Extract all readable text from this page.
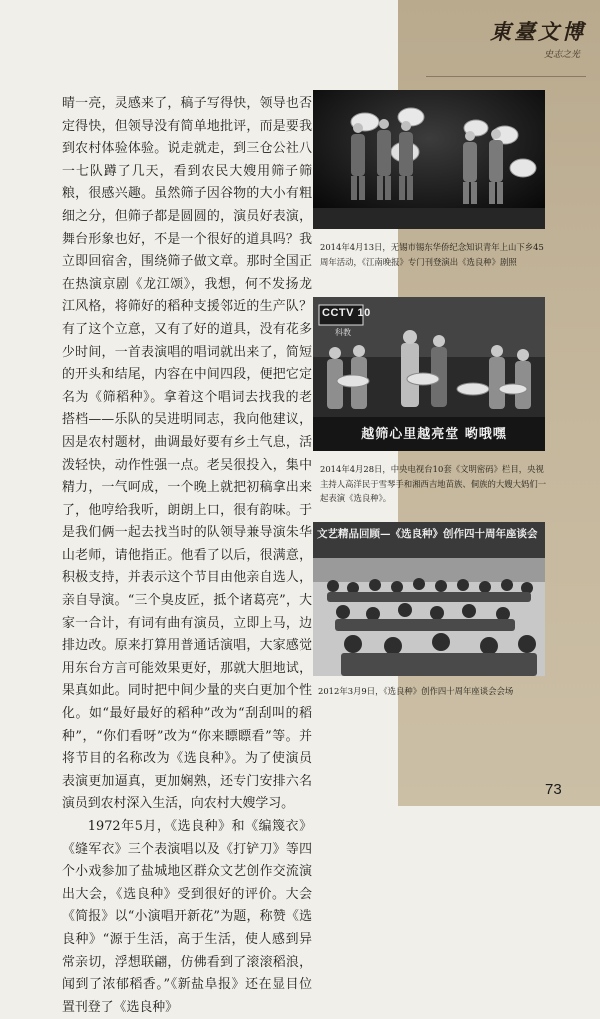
東臺文博
史志之光

晴一亮，灵感来了，稿子写得快，领导也否定得快，但领导没有简单地批评，而是要我到农村体验体验。说走就走，到三仓公社八一七队蹲了几天，看到农民大嫂用筛子筛粮，很感兴趣。虽然筛子因谷物的大小有粗细之分，但筛子都是圆圆的，演员好表演，舞台形象也好，不是一个很好的道具吗？我立即回宿舍，围绕筛子做文章。那时全国正在热演京剧《龙江颂》，我想，何不发扬龙江风格，将筛好的稻种支援邻近的生产队？有了这个立意，又有了好的道具，没有花多少时间，一首表演唱的唱词就出来了，简短的开头和结尾，内容在中间四段，便把它定名为《筛稻种》。拿着这个唱词去找我的老搭档——乐队的吴进明同志，我向他建议，因是农村题材，曲调最好要有乡土气息，活泼轻快，动作性强一点。老吴很投入，集中精力，一气呵成，一个晚上就把初稿拿出来了，他哼给我听，朗朗上口，很有韵味。于是我们俩一起去找当时的队领导兼导演朱华山老师，请他指正。他看了以后，很满意，积极支持，并表示这个节目由他亲自选人，亲自导演。“三个臭皮匠，抵个诸葛亮”，大家一合计，有词有曲有演员，立即上马，边排边改。原来打算用普通话演唱，大家感觉用东台方言可能效果更好，那就大胆地试，果真如此。同时把中间少量的夹白更加个性化。如“最好最好的稻种”改为“刮刮叫的稻种”，“你们看呀”改为“你来瞟瞟看”等。并将节目的名称改为《选良种》。为了使演员表演更加逼真，更加娴熟，还专门安排六名演员到农村深入生活，向农村大嫂学习。

1972年5月，《选良种》和《编篾衣》《缝军衣》三个表演唱以及《打铲刀》等四个小戏参加了盐城地区群众文艺创作交流演出大会，《选良种》受到很好的评价。大会《简报》以“小演唱开新花”为题，称赞《选良种》“源于生活，高于生活，使人感到异常亲切，浮想联翩，仿佛看到了滚滚稻浪，闻到了浓郁稻香。”《新盐阜报》还在显目位置刊登了《选良种》

2014年4月13日，无锡市锡东华侨纪念知识青年上山下乡45周年活动，《江南晚报》专门刊登演出《选良种》剧照
CCTV 10
科教
越筛心里越亮堂 哟哦嘿
2014年4月28日，中央电视台10套《文明密码》栏目，央视主持人高洋民于雪琴手和湘西吉地苗族、侗族的大嫂大妈们一起表演《选良种》。
文艺精品回顾—《选良种》创作四十周年座谈会
2012年3月9日，《选良种》创作四十周年座谈会会场
73
